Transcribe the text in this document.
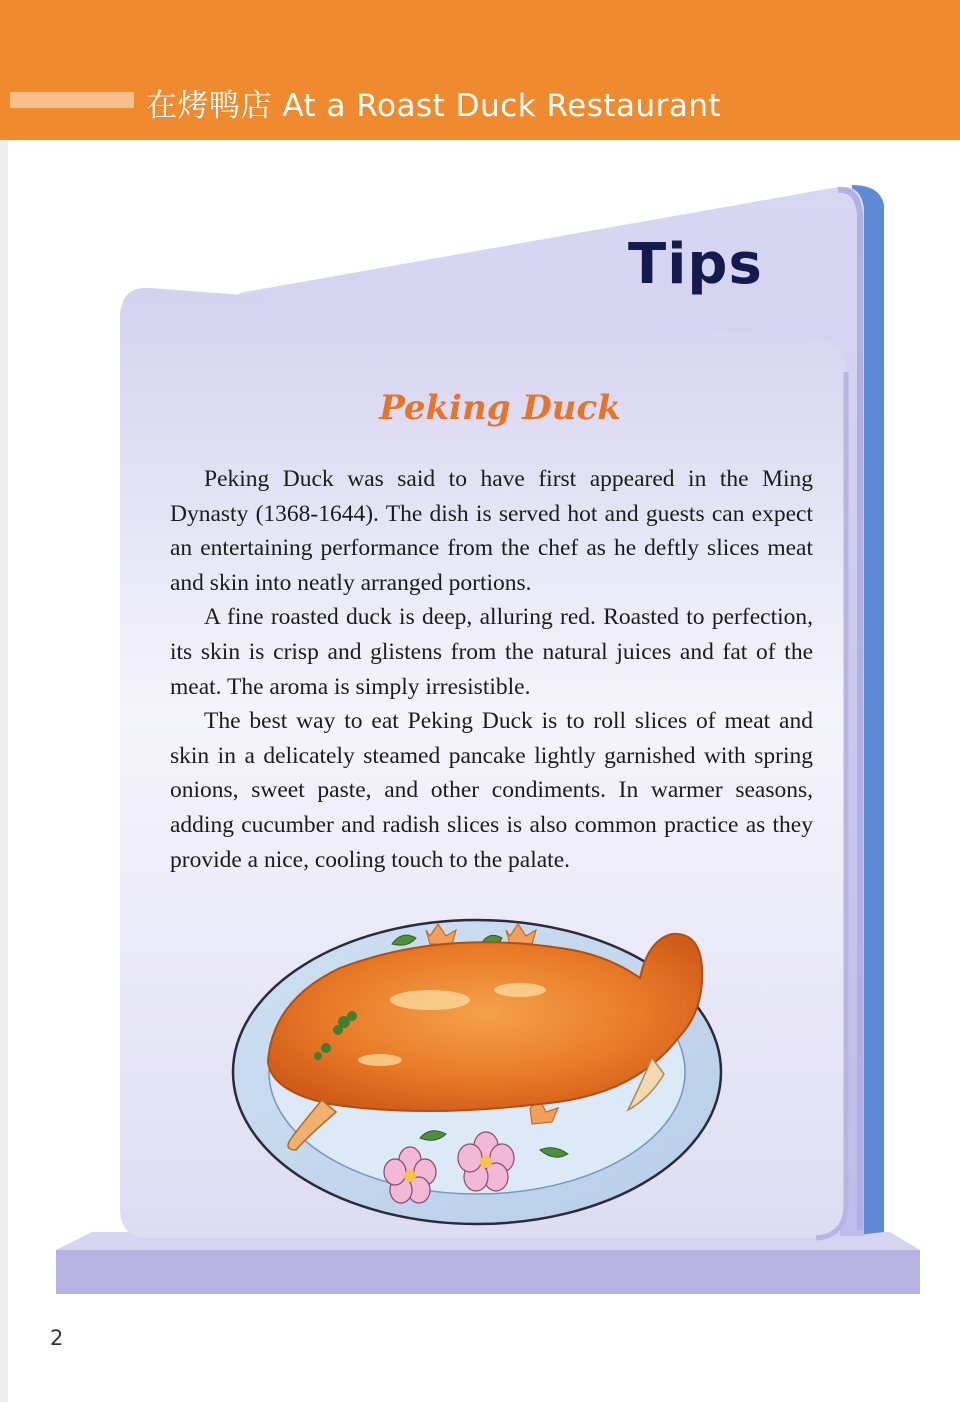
在烤鸭店 At a Roast Duck Restaurant
Tips
Peking Duck

Peking Duck was said to have first appeared in the Ming Dynasty (1368-1644). The dish is served hot and guests can expect an entertaining performance from the chef as he deftly slices meat and skin into neatly arranged portions.

A fine roasted duck is deep, alluring red. Roasted to perfection, its skin is crisp and glistens from the natural juices and fat of the meat. The aroma is simply irresistible.

The best way to eat Peking Duck is to roll slices of meat and skin in a delicately steamed pancake lightly garnished with spring onions, sweet paste, and other condiments. In warmer seasons, adding cucumber and radish slices is also common practice as they provide a nice, cooling touch to the palate.

2
